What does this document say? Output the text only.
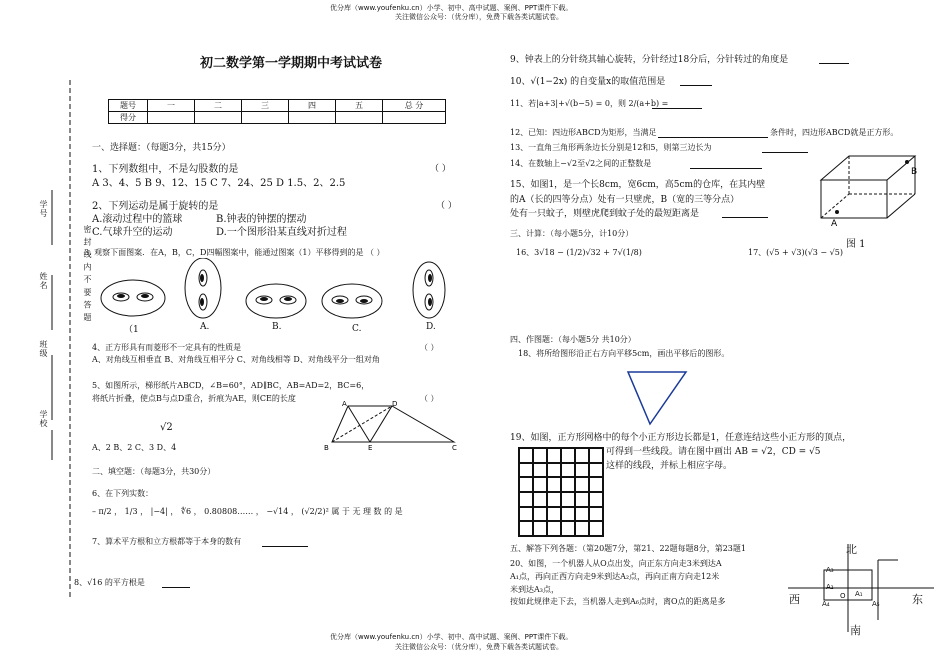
优分库（www.youfenku.cn）小学、初中、高中试题、案例、PPT课件下载。
关注微信公众号：（优分库），免费下载各类试题试卷。
初二数学第一学期期中考试试卷
题号	一	二	三	四	五	总 分
得分						
密 封 线 内 不 要 答 题
学号
姓名
班级
学校
一、选择题：（每题3分，共15分）
1、下列数组中，不是勾股数的是	（ ）
A 3、4、5 B 9、12、15 C 7、24、25 D 1.5、2、2.5
2、下列运动是属于旋转的是	（ ）
A.滚动过程中的篮球	B.钟表的钟摆的摆动
C.气球升空的运动	D.一个图形沿某直线对折过程
3. 观察下面图案．在A，B，C，D四幅图案中，能通过图案（1）平移得到的是 （ ）
（1	A.	B.	C.	D.
4、正方形具有而菱形不一定具有的性质是	（ ）
A、对角线互相垂直 B、对角线互相平分 C、对角线相等 D、对角线平分一组对角
5、如图所示，梯形纸片ABCD，∠B=60°，AD∥BC，AB=AD=2，BC=6，
将纸片折叠，使点B与点D重合，折痕为AE，则CE的长度	（ ）
√2
A、2 B、2 C、3 D、4
A	D
B	E	C
二、填空题：（每题3分，共30分）
6、在下列实数：
– π/2 ， 1/3 ， |−4| ， ∜6 ， 0.80808…… ， −√14 ， (√2/2)² 属 于 无 理 数 的 是
7、算术平方根和立方根都等于本身的数有
8、√16 的平方根是
9、钟表上的分针绕其轴心旋转，分针经过18分后，分针转过的角度是
10、√(1−2x) 的自变量x的取值范围是
11、若|a+3|+√(b−5) = 0，则 2/(a+b) =
12、已知：四边形ABCD为矩形，当满足	条件时，四边形ABCD就是正方形。
13、一直角三角形两条边长分别是12和5，则第三边长为
14、在数轴上−√2至√2之间的正整数是
15、如图1，是一个长8cm，宽6cm，高5cm的仓库，在其内壁
的A（长的四等分点）处有一只壁虎，B（宽的三等分点）
处有一只蚊子，则壁虎爬到蚊子处的最短距离是
B
A
图 1
三、计算：（每小题5分，计10分）
16、3√18 − (1/2)√32 + 7√(1/8)	17、(√5 + √3)(√3 − √5)
四、作图题：（每小题5分 共10分）
18、将所给图形沿正右方向平移5cm，画出平移后的图形。
19、如图，正方形网格中的每个小正方形边长都是1，任意连结这些小正方形的顶点，
可得到一些线段。请在图中画出 AB = √2，CD = √5
这样的线段，并标上相应字母。
五、解答下列各题：（第20题7分，第21、22题每题8分，第23题1
20、如图，一个机器人从O点出发，向正东方向走3米到达A
A₁点，再向正西方向走9米到达A₂点，再向正南方向走12米
米到达A₃点，
按如此规律走下去，当机器人走到A₆点时，离O点的距离是多
北
西	东
南
A₃
A₂
O A₁
A₄	A₅
优分库（www.youfenku.cn）小学、初中、高中试题、案例、PPT课件下载。
关注微信公众号：（优分库），免费下载各类试题试卷。
